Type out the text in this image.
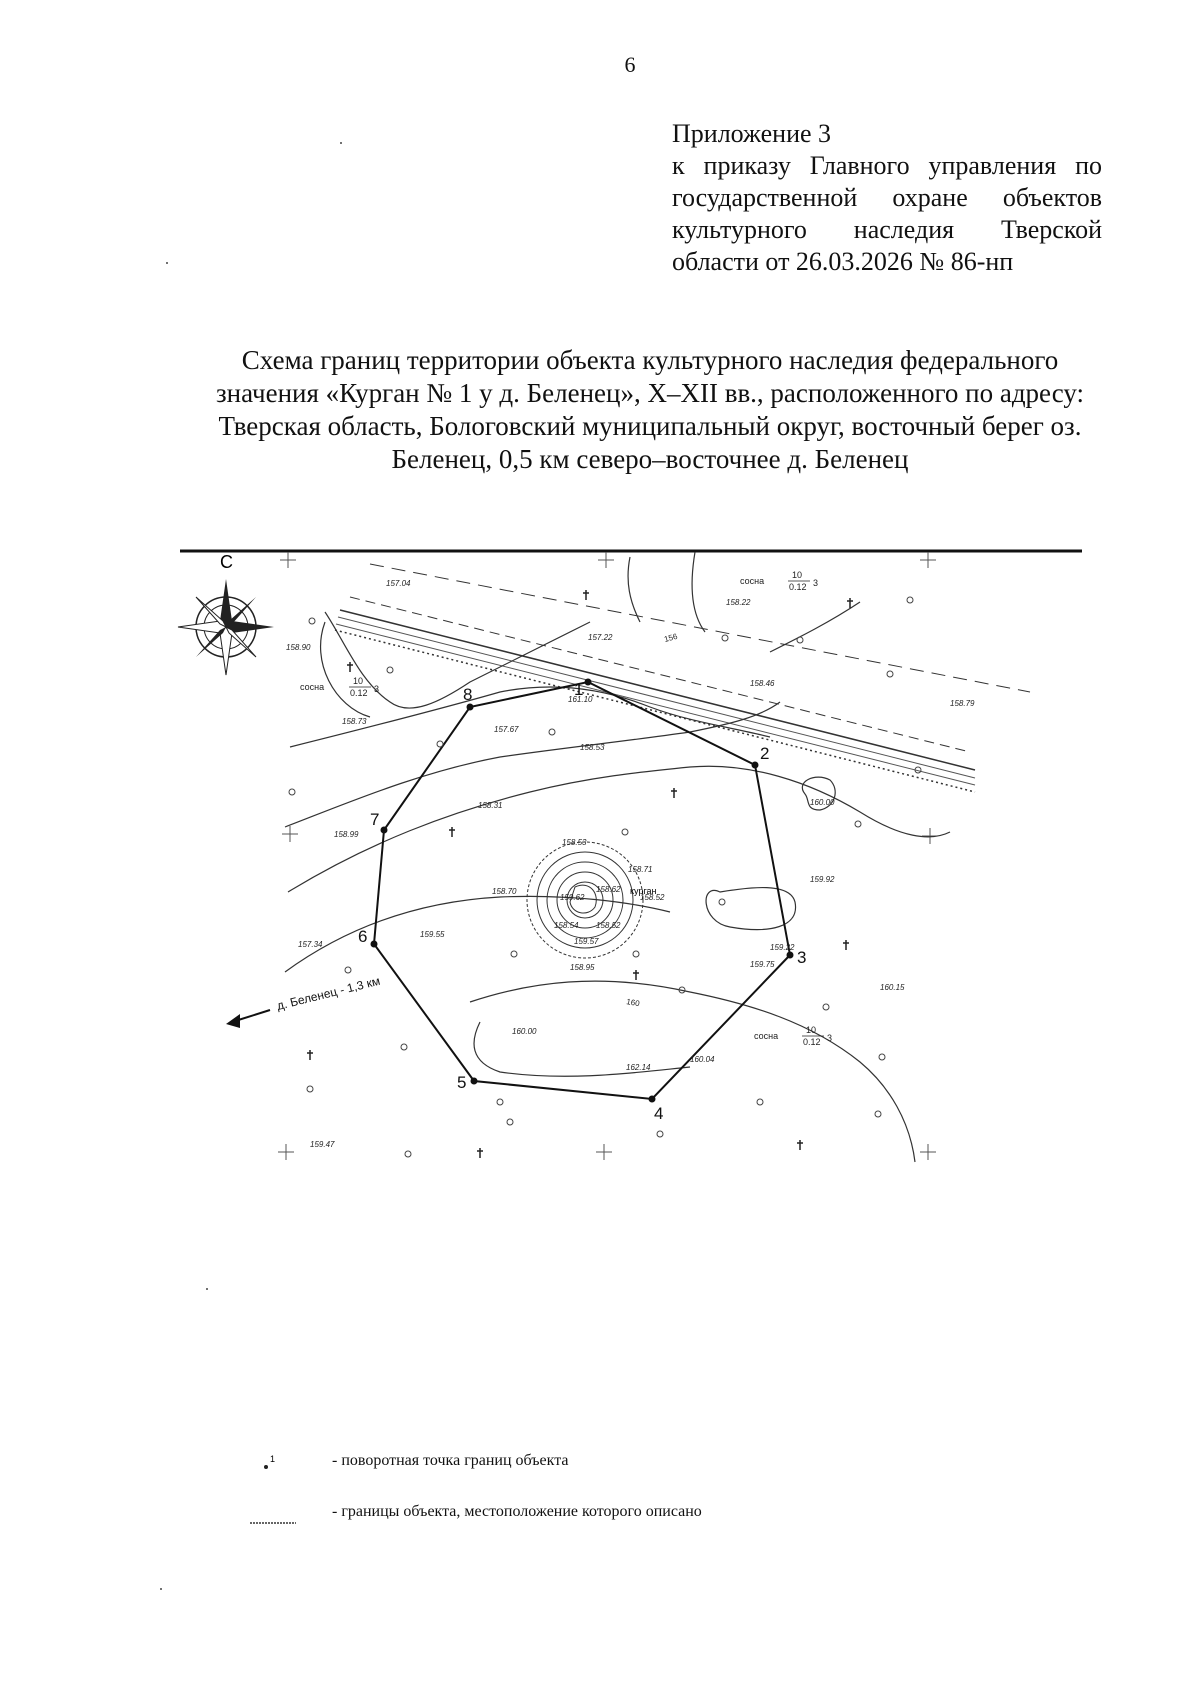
6
Приложение 3
к приказу Главного управления по
государственной охране объектов
культурного наследия Тверской
области от 26.03.2026 № 86-нп
Схема границ территории объекта культурного наследия федерального
значения «Курган № 1 у д. Беленец», X–XII вв., расположенного по адресу:
Тверская область, Бологовский муниципальный округ, восточный берег оз.
Беленец, 0,5 км северо–восточнее д. Беленец
С
курган
1
2
3
4
5
6
7
8
157.04
158.22
158.90
157.22
158.46
158.73
157.67
158.53
158.79
158.31
158.99
158.53
158.71
158.70
159.62	158.52
158.62
160.00
159.92
157.34
159.55
158.54 158.52
159.57
158.95
159.22
159.75
160.15
160.00
162.14
160.04
159.47
161.10
156
160
сосна
10
0.12 3
сосна
10
0.12 3
сосна
10
0.12 3
д. Беленец - 1,3 км
1	- поворотная точка границ объекта
- границы объекта, местоположение которого описано
